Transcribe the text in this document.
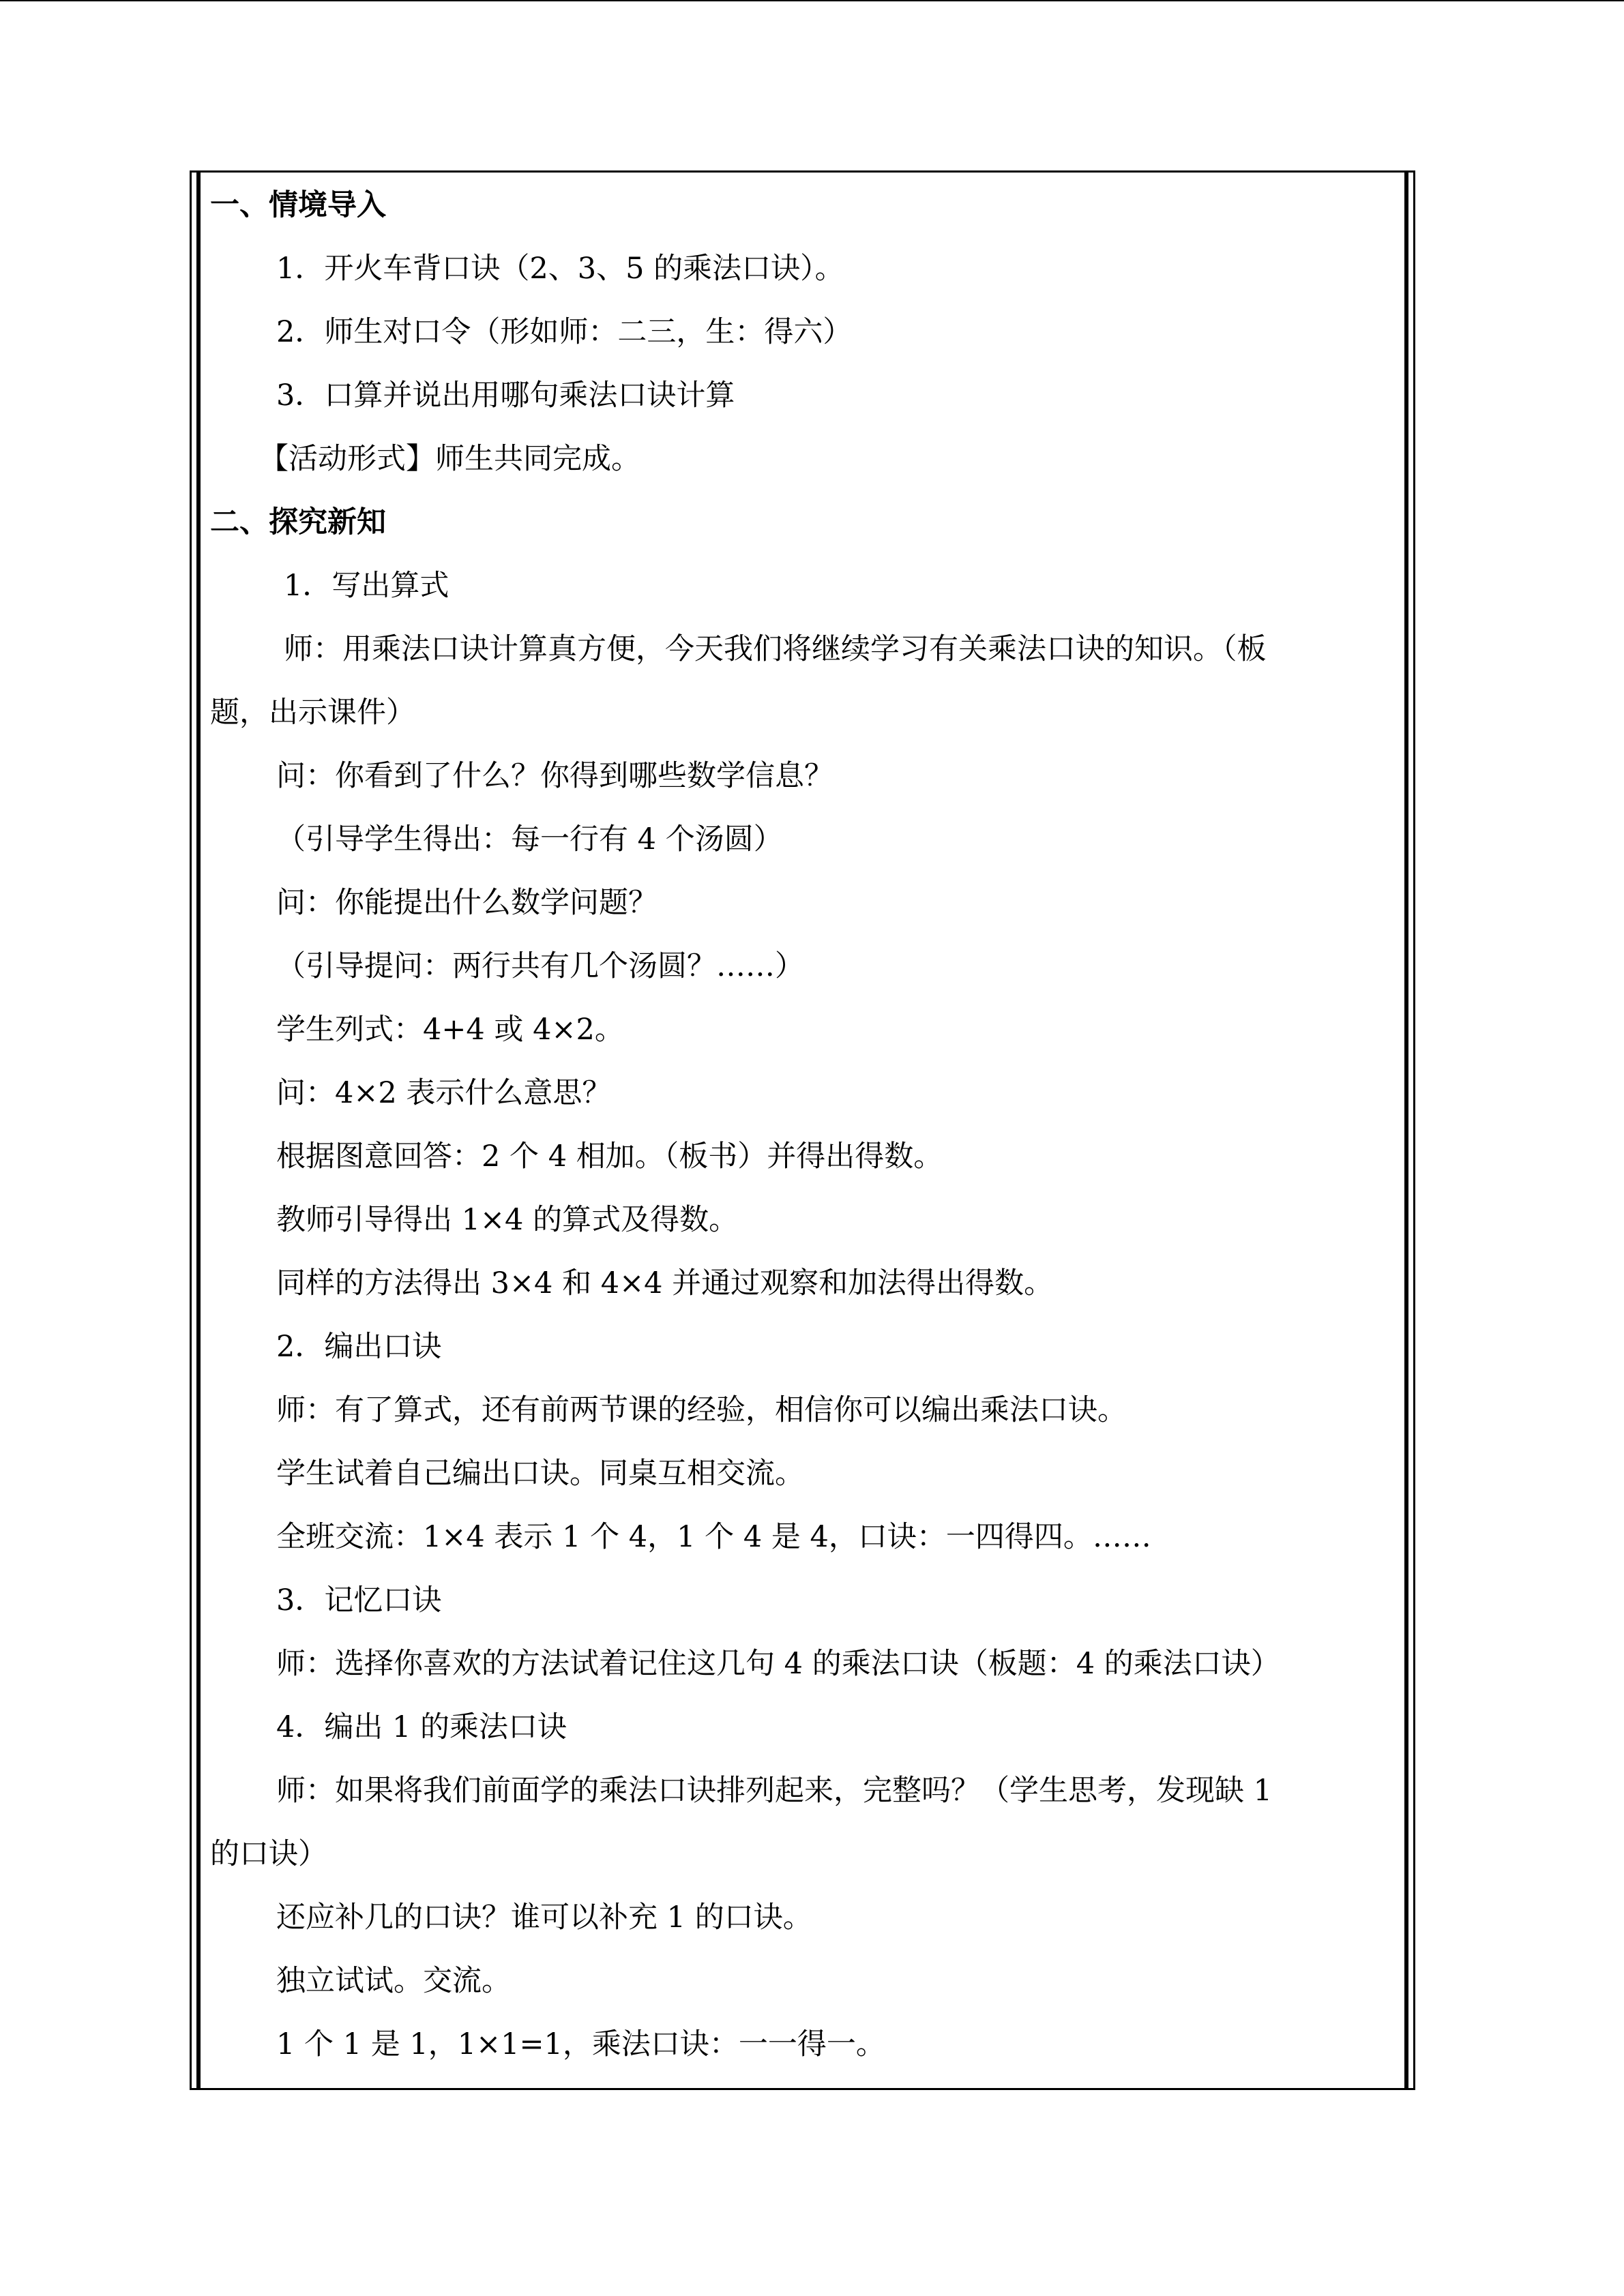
一、情境导入
1．开火车背口诀（2、3、5 的乘法口诀）。
2．师生对口令（形如师：二三，生：得六）
3．口算并说出用哪句乘法口诀计算
【活动形式】师生共同完成。
二、探究新知
1．写出算式
师：用乘法口诀计算真方便，今天我们将继续学习有关乘法口诀的知识。（板
题，出示课件）
问：你看到了什么？你得到哪些数学信息？
（引导学生得出：每一行有 4 个汤圆）
问：你能提出什么数学问题？
（引导提问：两行共有几个汤圆？……）
学生列式：4+4 或 4×2。
问：4×2 表示什么意思？
根据图意回答：2 个 4 相加。（板书）并得出得数。
教师引导得出 1×4 的算式及得数。
同样的方法得出 3×4 和 4×4 并通过观察和加法得出得数。
2．编出口诀
师：有了算式，还有前两节课的经验，相信你可以编出乘法口诀。
学生试着自己编出口诀。同桌互相交流。
全班交流：1×4 表示 1 个 4，1 个 4 是 4，口诀：一四得四。……
3．记忆口诀
师：选择你喜欢的方法试着记住这几句 4 的乘法口诀（板题：4 的乘法口诀）
4．编出 1 的乘法口诀
师：如果将我们前面学的乘法口诀排列起来，完整吗？（学生思考，发现缺 1
的口诀）
还应补几的口诀？谁可以补充 1 的口诀。
独立试试。交流。
1 个 1 是 1，1×1=1，乘法口诀：一一得一。
